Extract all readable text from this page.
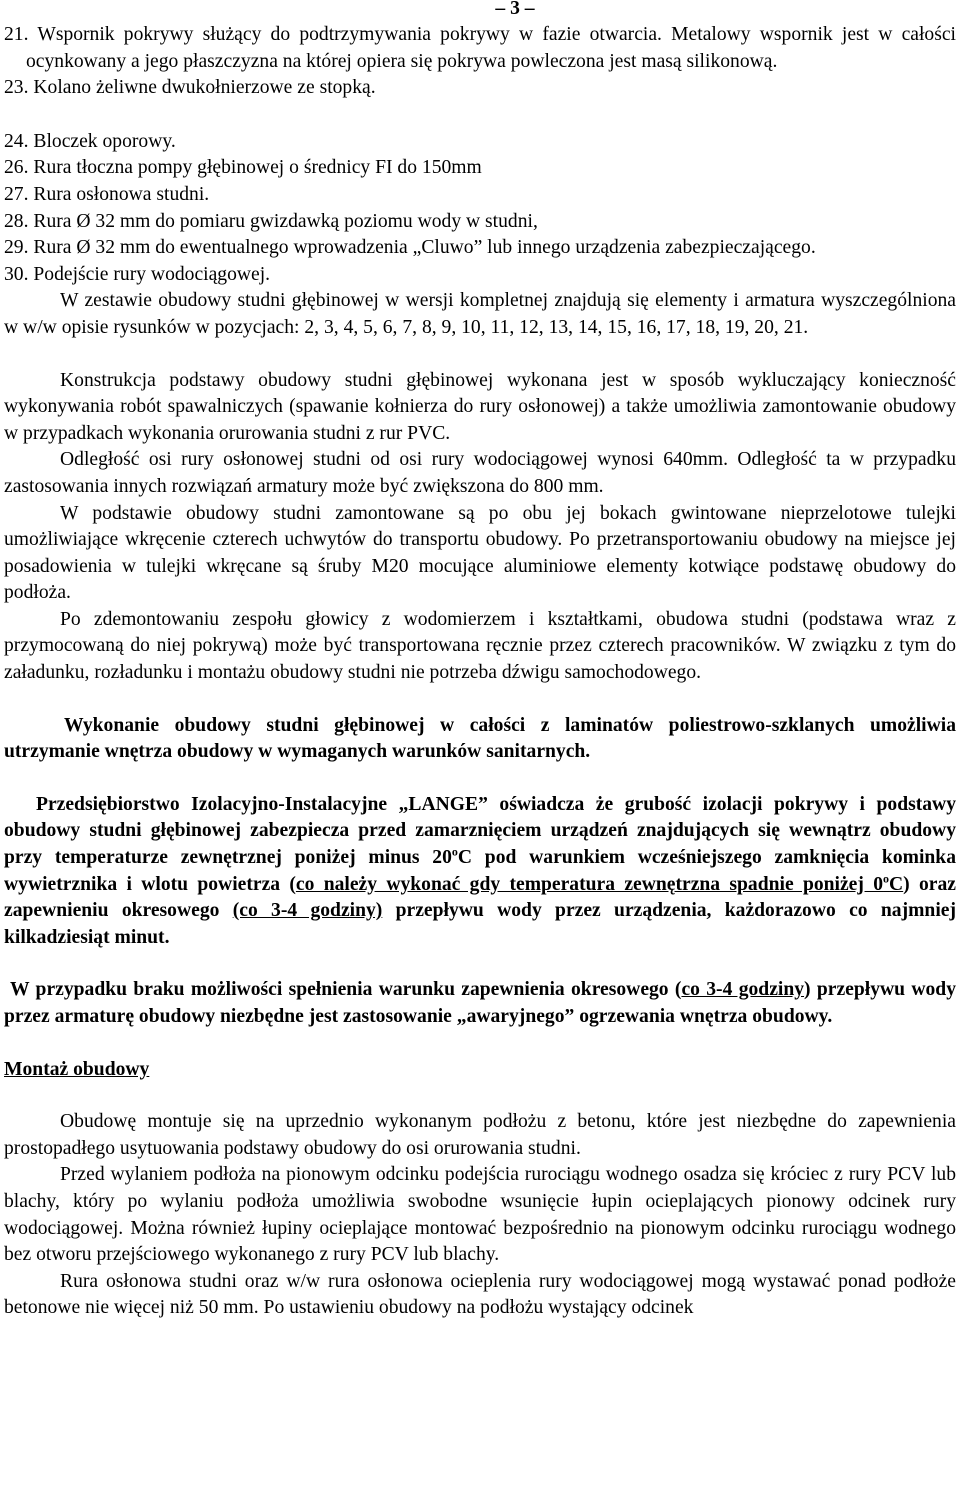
– 3 –
21. Wspornik pokrywy służący do podtrzymywania pokrywy w fazie otwarcia. Metalowy wspornik jest w całości ocynkowany a jego płaszczyzna na której opiera się pokrywa powleczona jest masą silikonową.
23. Kolano żeliwne dwukołnierzowe ze stopką.
24. Bloczek oporowy.
26. Rura tłoczna pompy głębinowej o średnicy FI do 150mm
27. Rura osłonowa studni.
28. Rura Ø 32 mm do pomiaru gwizdawką poziomu wody w studni,
29. Rura Ø 32 mm do ewentualnego wprowadzenia „Cluwo” lub innego urządzenia zabezpieczającego.
30. Podejście rury wodociągowej.
W zestawie obudowy studni głębinowej w wersji kompletnej znajdują się elementy i armatura wyszczególniona w w/w opisie rysunków w pozycjach: 2, 3, 4, 5, 6, 7, 8, 9, 10, 11, 12, 13, 14, 15, 16, 17, 18, 19, 20, 21.
Konstrukcja podstawy obudowy studni głębinowej wykonana jest w sposób wykluczający konieczność wykonywania robót spawalniczych (spawanie kołnierza do rury osłonowej) a także umożliwia zamontowanie obudowy w przypadkach wykonania orurowania studni z rur PVC.
Odległość osi rury osłonowej studni od osi rury wodociągowej wynosi 640mm. Odległość ta w przypadku zastosowania innych rozwiązań armatury może być zwiększona do 800 mm.
W podstawie obudowy studni zamontowane są po obu jej bokach gwintowane nieprzelotowe tulejki umożliwiające wkręcenie czterech uchwytów do transportu obudowy. Po przetransportowaniu obudowy na miejsce jej posadowienia w tulejki wkręcane są śruby M20 mocujące aluminiowe elementy kotwiące podstawę obudowy do podłoża.
Po zdemontowaniu zespołu głowicy z wodomierzem i kształtkami, obudowa studni (podstawa wraz z przymocowaną do niej pokrywą) może być transportowana ręcznie przez czterech pracowników. W związku z tym do załadunku, rozładunku i montażu obudowy studni nie potrzeba dźwigu samochodowego.
Wykonanie obudowy studni głębinowej w całości z laminatów poliestrowo-szklanych umożliwia utrzymanie wnętrza obudowy w wymaganych warunków sanitarnych.
Przedsiębiorstwo Izolacyjno-Instalacyjne „LANGE” oświadcza że grubość izolacji pokrywy i podstawy obudowy studni głębinowej zabezpiecza przed zamarznięciem urządzeń znajdujących się wewnątrz obudowy przy temperaturze zewnętrznej poniżej minus 20$^o$C pod warunkiem wcześniejszego zamknięcia kominka wywietrznika i wlotu powietrza (co należy wykonać gdy temperatura zewnętrzna spadnie poniżej 0$^o$C) oraz zapewnieniu okresowego (co 3-4 godziny) przepływu wody przez urządzenia, każdorazowo co najmniej kilkadziesiąt minut.
W przypadku braku możliwości spełnienia warunku zapewnienia okresowego (co 3-4 godziny) przepływu wody przez armaturę obudowy niezbędne jest zastosowanie „awaryjnego” ogrzewania wnętrza obudowy.
Montaż obudowy
Obudowę montuje się na uprzednio wykonanym podłożu z betonu, które jest niezbędne do zapewnienia prostopadłego usytuowania podstawy obudowy do osi orurowania studni.
Przed wylaniem podłoża na pionowym odcinku podejścia rurociągu wodnego osadza się króciec z rury PCV lub blachy, który po wylaniu podłoża umożliwia swobodne wsunięcie łupin ocieplających pionowy odcinek rury wodociągowej. Można również łupiny ocieplające montować bezpośrednio na pionowym odcinku rurociągu wodnego bez otworu przejściowego wykonanego z rury PCV lub blachy.
Rura osłonowa studni oraz w/w rura osłonowa ocieplenia rury wodociągowej mogą wystawać ponad podłoże betonowe nie więcej niż 50 mm. Po ustawieniu obudowy na podłożu wystający odcinek
